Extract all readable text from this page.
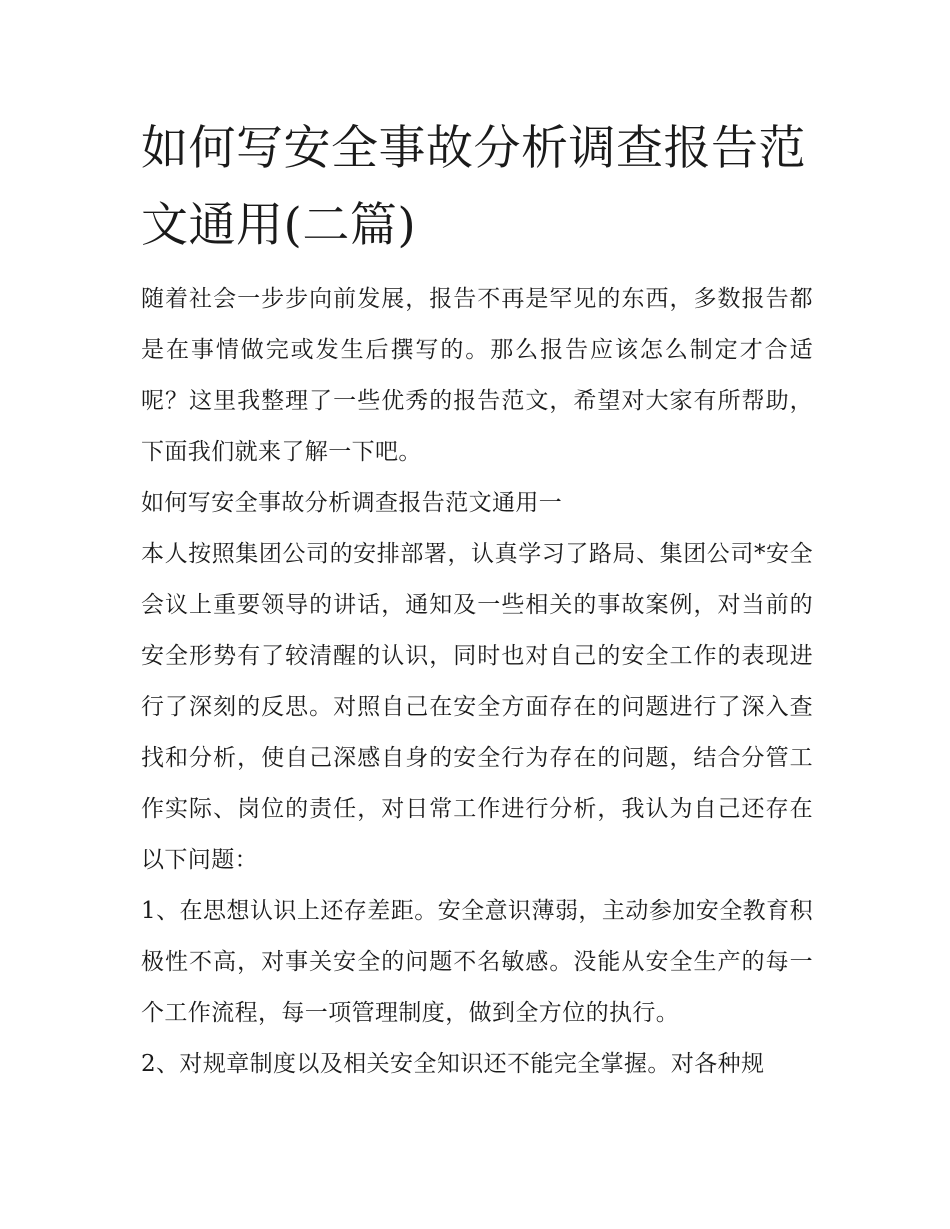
如何写安全事故分析调查报告范文通用(二篇)

随着社会一步步向前发展，报告不再是罕见的东西，多数报告都是在事情做完或发生后撰写的。那么报告应该怎么制定才合适呢？这里我整理了一些优秀的报告范文，希望对大家有所帮助，下面我们就来了解一下吧。

如何写安全事故分析调查报告范文通用一

本人按照集团公司的安排部署，认真学习了路局、集团公司*安全会议上重要领导的讲话，通知及一些相关的事故案例，对当前的安全形势有了较清醒的认识，同时也对自己的安全工作的表现进行了深刻的反思。对照自己在安全方面存在的问题进行了深入查找和分析，使自己深感自身的安全行为存在的问题，结合分管工作实际、岗位的责任，对日常工作进行分析，我认为自己还存在以下问题：

1、在思想认识上还存差距。安全意识薄弱，主动参加安全教育积极性不高，对事关安全的问题不名敏感。没能从安全生产的每一个工作流程，每一项管理制度，做到全方位的执行。

2、对规章制度以及相关安全知识还不能完全掌握。对各种规
